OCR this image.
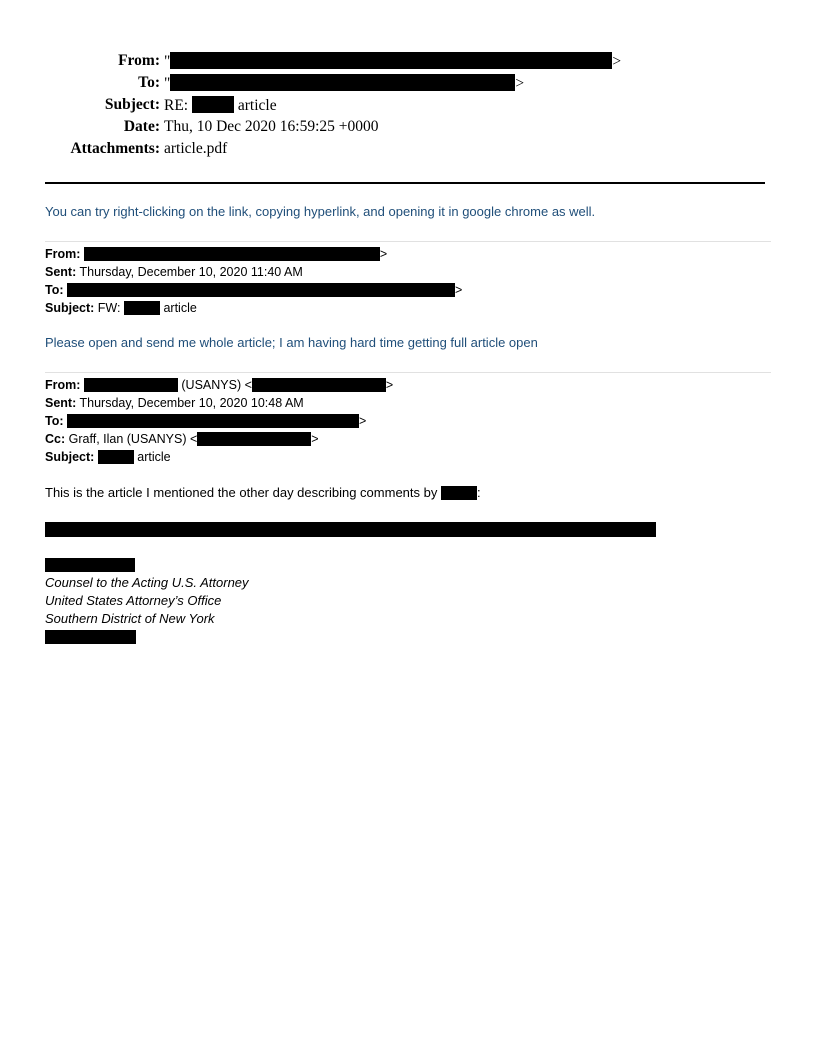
From: "	>
To: "	>
Subject: RE:	article
Date: Thu, 10 Dec 2020 16:59:25 +0000
Attachments: article.pdf
You can try right-clicking on the link, copying hyperlink, and opening it in google chrome as well.
From:	>
Sent: Thursday, December 10, 2020 11:40 AM
To:	>
Subject: FW:	article
Please open and send me whole article; I am having hard time getting full article open
From:	(USANYS) <	>
Sent: Thursday, December 10, 2020 10:48 AM
To:	>
Cc: Graff, Ilan (USANYS) <	>
Subject:	article
This is the article I mentioned the other day describing comments by	:
Counsel to the Acting U.S. Attorney
United States Attorney’s Office
Southern District of New York
